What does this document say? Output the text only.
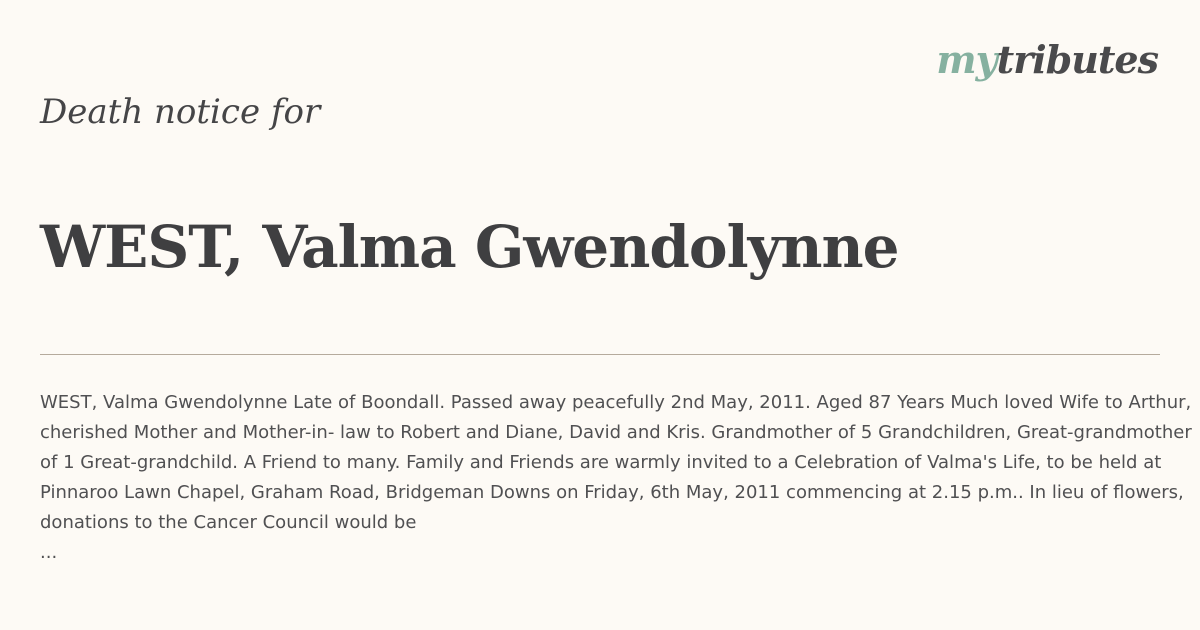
mytributes
Death notice for
WEST, Valma Gwendolynne

WEST, Valma Gwendolynne Late of Boondall. Passed away peacefully 2nd May, 2011. Aged 87 Years Much loved Wife to Arthur, cherished Mother and Mother-in- law to Robert and Diane, David and Kris. Grandmother of 5 Grandchildren, Great-grandmother of 1 Great-grandchild. A Friend to many. Family and Friends are warmly invited to a Celebration of Valma's Life, to be held at Pinnaroo Lawn Chapel, Graham Road, Bridgeman Downs on Friday, 6th May, 2011 commencing at 2.15 p.m.. In lieu of flowers, donations to the Cancer Council would be

...
